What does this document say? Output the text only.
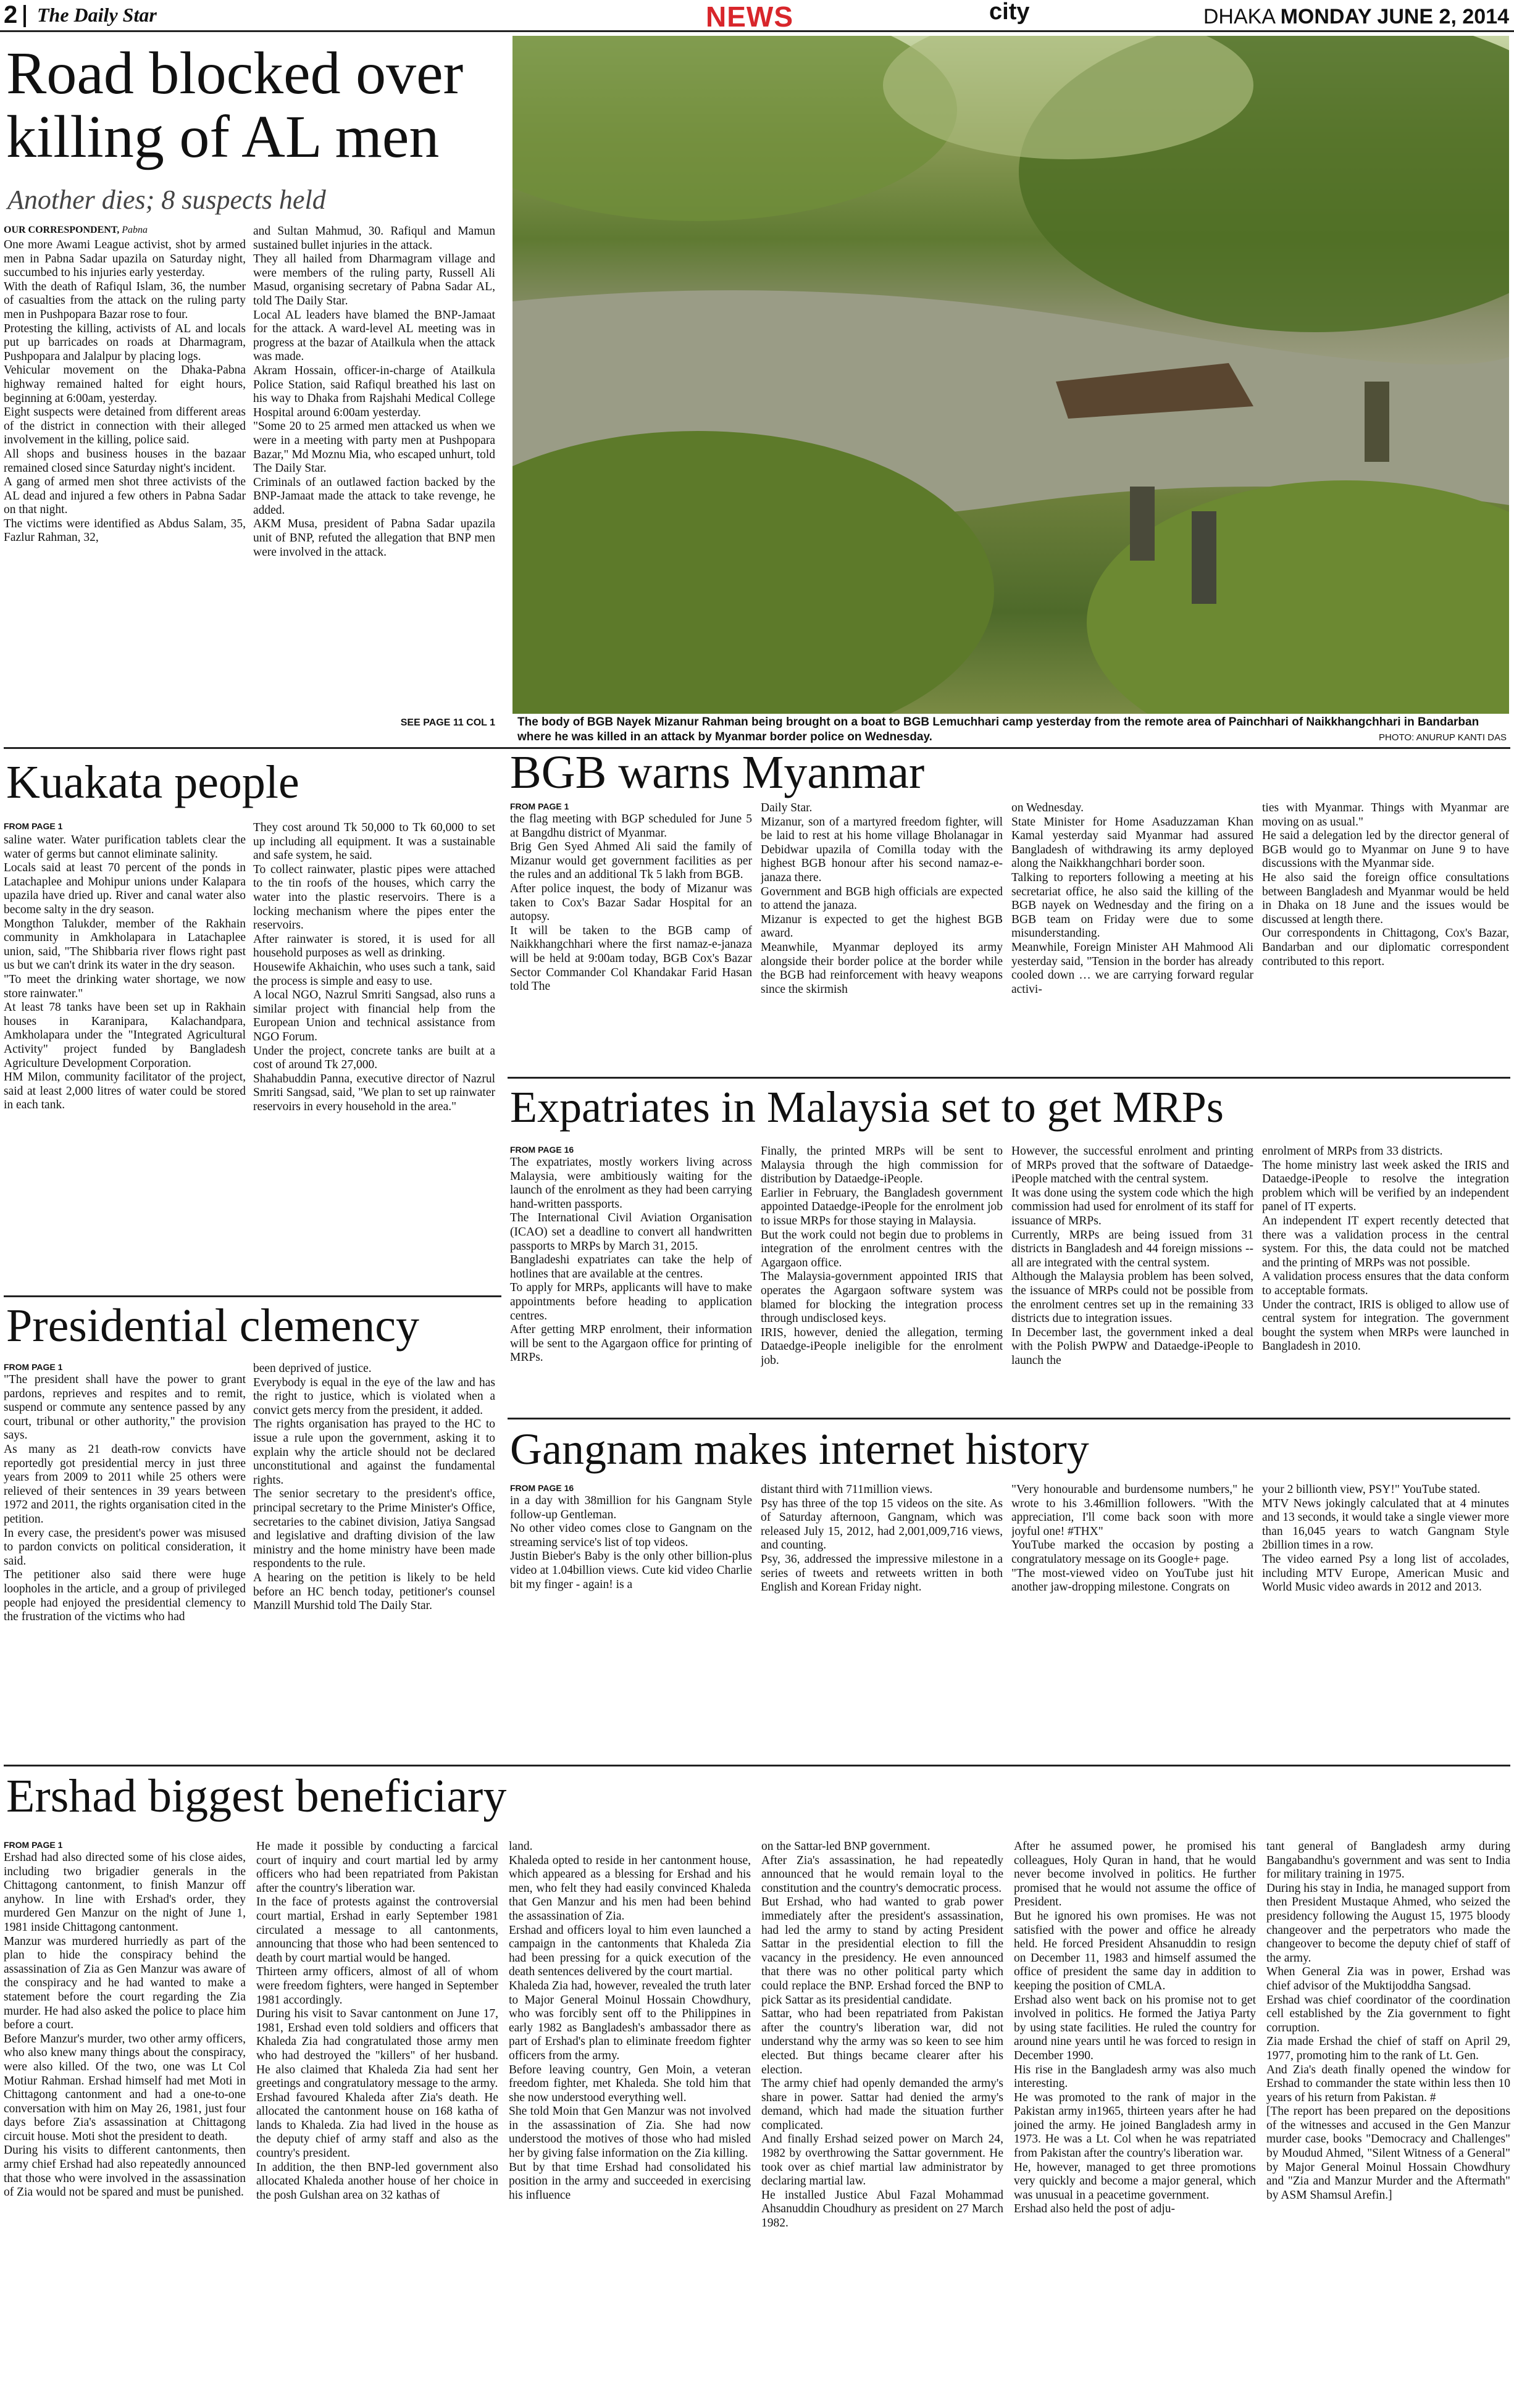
2 The Daily Star	NEWS	city	DHAKA MONDAY JUNE 2, 2014
Road blocked over killing of AL men
Another dies; 8 suspects held
OUR CORRESPONDENT, Pabna
One more Awami League activist, shot by armed men in Pabna Sadar upazila on Saturday night, succumbed to his injuries early yesterday.
With the death of Rafiqul Islam, 36, the number of casualties from the attack on the ruling party men in Pushpopara Bazar rose to four.
Protesting the killing, activists of AL and locals put up barricades on roads at Dharmagram, Pushpopara and Jalalpur by placing logs.
Vehicular movement on the Dhaka-Pabna highway remained halted for eight hours, beginning at 6:00am, yesterday.
Eight suspects were detained from different areas of the district in connection with their alleged involvement in the killing, police said.
All shops and business houses in the bazaar remained closed since Saturday night's incident.
A gang of armed men shot three activists of the AL dead and injured a few others in Pabna Sadar on that night.
The victims were identified as Abdus Salam, 35, Fazlur Rahman, 32,
and Sultan Mahmud, 30. Rafiqul and Mamun sustained bullet injuries in the attack.
They all hailed from Dharmagram village and were members of the ruling party, Russell Ali Masud, organising secretary of Pabna Sadar AL, told The Daily Star.
Local AL leaders have blamed the BNP-Jamaat for the attack. A ward-level AL meeting was in progress at the bazar of Atailkula when the attack was made.
Akram Hossain, officer-in-charge of Atailkula Police Station, said Rafiqul breathed his last on his way to Dhaka from Rajshahi Medical College Hospital around 6:00am yesterday.
"Some 20 to 25 armed men attacked us when we were in a meeting with party men at Pushpopara Bazar," Md Moznu Mia, who escaped unhurt, told The Daily Star.
Criminals of an outlawed faction backed by the BNP-Jamaat made the attack to take revenge, he added.
AKM Musa, president of Pabna Sadar upazila unit of BNP, refuted the allegation that BNP men were involved in the attack.
SEE PAGE 11 COL 1 The body of BGB Nayek Mizanur Rahman being brought on a boat to BGB Lemuchhari camp yesterday from the remote area of Painchhari of Naikkhangchhari in Bandarban where he was killed in an attack by Myanmar border police on Wednesday.	PHOTO: ANURUP KANTI DAS
Kuakata people
FROM PAGE 1
saline water. Water purification tablets clear the water of germs but cannot eliminate salinity.
Locals said at least 70 percent of the ponds in Latachaplee and Mohipur unions under Kalapara upazila have dried up. River and canal water also become salty in the dry season.
Mongthon Talukder, member of the Rakhain community in Amkholapara in Latachaplee union, said, "The Shibbaria river flows right past us but we can't drink its water in the dry season.
"To meet the drinking water shortage, we now store rainwater."
At least 78 tanks have been set up in Rakhain houses in Karanipara, Kalachandpara, Amkholapara under the "Integrated Agricultural Activity" project funded by Bangladesh Agriculture Development Corporation.
HM Milon, community facilitator of the project, said at least 2,000 litres of water could be stored in each tank.
They cost around Tk 50,000 to Tk 60,000 to set up including all equipment. It was a sustainable and safe system, he said.
To collect rainwater, plastic pipes were attached to the tin roofs of the houses, which carry the water into the plastic reservoirs. There is a locking mechanism where the pipes enter the reservoirs.
After rainwater is stored, it is used for all household purposes as well as drinking.
Housewife Akhaichin, who uses such a tank, said the process is simple and easy to use.
A local NGO, Nazrul Smriti Sangsad, also runs a similar project with financial help from the European Union and technical assistance from NGO Forum.
Under the project, concrete tanks are built at a cost of around Tk 27,000.
Shahabuddin Panna, executive director of Nazrul Smriti Sangsad, said, "We plan to set up rainwater reservoirs in every household in the area."
BGB warns Myanmar
FROM PAGE 1
the flag meeting with BGP scheduled for June 5 at Bangdhu district of Myanmar.
Brig Gen Syed Ahmed Ali said the family of Mizanur would get government facilities as per the rules and an additional Tk 5 lakh from BGB.
After police inquest, the body of Mizanur was taken to Cox's Bazar Sadar Hospital for an autopsy.
It will be taken to the BGB camp of Naikkhangchhari where the first namaz-e-janaza will be held at 9:00am today, BGB Cox's Bazar Sector Commander Col Khandakar Farid Hasan told The
Daily Star.
Mizanur, son of a martyred freedom fighter, will be laid to rest at his home village Bholanagar in Debidwar upazila of Comilla today with the highest BGB honour after his second namaz-e-janaza there.
Government and BGB high officials are expected to attend the janaza.
Mizanur is expected to get the highest BGB award.
Meanwhile, Myanmar deployed its army alongside their border police at the border while the BGB had reinforcement with heavy weapons since the skirmish
on Wednesday.
State Minister for Home Asaduzzaman Khan Kamal yesterday said Myanmar had assured Bangladesh of withdrawing its army deployed along the Naikkhangchhari border soon.
Talking to reporters following a meeting at his secretariat office, he also said the killing of the BGB nayek on Wednesday and the firing on a BGB team on Friday were due to some misunderstanding.
Meanwhile, Foreign Minister AH Mahmood Ali yesterday said, "Tension in the border has already cooled down … we are carrying forward regular activi-
ties with Myanmar. Things with Myanmar are moving on as usual."
He said a delegation led by the director general of BGB would go to Myanmar on June 9 to have discussions with the Myanmar side.
He also said the foreign office consultations between Bangladesh and Myanmar would be held in Dhaka on 18 June and the issues would be discussed at length there.
Our correspondents in Chittagong, Cox's Bazar, Bandarban and our diplomatic correspondent contributed to this report.
Expatriates in Malaysia set to get MRPs
FROM PAGE 16
The expatriates, mostly workers living across Malaysia, were ambitiously waiting for the launch of the enrolment as they had been carrying hand-written passports.
The International Civil Aviation Organisation (ICAO) set a deadline to convert all handwritten passports to MRPs by March 31, 2015.
Bangladeshi expatriates can take the help of hotlines that are available at the centres.
To apply for MRPs, applicants will have to make appointments before heading to application centres.
After getting MRP enrolment, their information will be sent to the Agargaon office for printing of MRPs.
Finally, the printed MRPs will be sent to Malaysia through the high commission for distribution by Dataedge-iPeople.
Earlier in February, the Bangladesh government appointed Dataedge-iPeople for the enrolment job to issue MRPs for those staying in Malaysia.
But the work could not begin due to problems in integration of the enrolment centres with the Agargaon office.
The Malaysia-government appointed IRIS that operates the Agargaon software system was blamed for blocking the integration process through undisclosed keys.
IRIS, however, denied the allegation, terming Dataedge-iPeople ineligible for the enrolment job.
However, the successful enrolment and printing of MRPs proved that the software of Dataedge-iPeople matched with the central system.
It was done using the system code which the high commission had used for enrolment of its staff for issuance of MRPs.
Currently, MRPs are being issued from 31 districts in Bangladesh and 44 foreign missions -- all are integrated with the central system.
Although the Malaysia problem has been solved, the issuance of MRPs could not be possible from the enrolment centres set up in the remaining 33 districts due to integration issues.
In December last, the government inked a deal with the Polish PWPW and Dataedge-iPeople to launch the
enrolment of MRPs from 33 districts.
The home ministry last week asked the IRIS and Dataedge-iPeople to resolve the integration problem which will be verified by an independent panel of IT experts.
An independent IT expert recently detected that there was a validation process in the central system. For this, the data could not be matched and the printing of MRPs was not possible.
A validation process ensures that the data conform to acceptable formats.
Under the contract, IRIS is obliged to allow use of central system for integration. The government bought the system when MRPs were launched in Bangladesh in 2010.
Presidential clemency
FROM PAGE 1
"The president shall have the power to grant pardons, reprieves and respites and to remit, suspend or commute any sentence passed by any court, tribunal or other authority," the provision says.
As many as 21 death-row convicts have reportedly got presidential mercy in just three years from 2009 to 2011 while 25 others were relieved of their sentences in 39 years between 1972 and 2011, the rights organisation cited in the petition.
In every case, the president's power was misused to pardon convicts on political consideration, it said.
The petitioner also said there were huge loopholes in the article, and a group of privileged people had enjoyed the presidential clemency to the frustration of the victims who had
been deprived of justice.
Everybody is equal in the eye of the law and has the right to justice, which is violated when a convict gets mercy from the president, it added.
The rights organisation has prayed to the HC to issue a rule upon the government, asking it to explain why the article should not be declared unconstitutional and against the fundamental rights.
The senior secretary to the president's office, principal secretary to the Prime Minister's Office, secretaries to the cabinet division, Jatiya Sangsad and legislative and drafting division of the law ministry and the home ministry have been made respondents to the rule.
A hearing on the petition is likely to be held before an HC bench today, petitioner's counsel Manzill Murshid told The Daily Star.
Gangnam makes internet history
FROM PAGE 16
in a day with 38million for his Gangnam Style follow-up Gentleman.
No other video comes close to Gangnam on the streaming service's list of top videos.
Justin Bieber's Baby is the only other billion-plus video at 1.04billion views. Cute kid video Charlie bit my finger - again! is a
distant third with 711million views.
Psy has three of the top 15 videos on the site. As of Saturday afternoon, Gangnam, which was released July 15, 2012, had 2,001,009,716 views, and counting.
Psy, 36, addressed the impressive milestone in a series of tweets and retweets written in both English and Korean Friday night.
"Very honourable and burdensome numbers," he wrote to his 3.46million followers. "With the appreciation, I'll come back soon with more joyful one! #THX"
YouTube marked the occasion by posting a congratulatory message on its Google+ page.
"The most-viewed video on YouTube just hit another jaw-dropping milestone. Congrats on
your 2 billionth view, PSY!" YouTube stated.
MTV News jokingly calculated that at 4 minutes and 13 seconds, it would take a single viewer more than 16,045 years to watch Gangnam Style 2billion times in a row.
The video earned Psy a long list of accolades, including MTV Europe, American Music and World Music video awards in 2012 and 2013.
Ershad biggest beneficiary
FROM PAGE 1
Ershad had also directed some of his close aides, including two brigadier generals in the Chittagong cantonment, to finish Manzur off anyhow. In line with Ershad's order, they murdered Gen Manzur on the night of June 1, 1981 inside Chittagong cantonment.
Manzur was murdered hurriedly as part of the plan to hide the conspiracy behind the assassination of Zia as Gen Manzur was aware of the conspiracy and he had wanted to make a statement before the court regarding the Zia murder. He had also asked the police to place him before a court.
Before Manzur's murder, two other army officers, who also knew many things about the conspiracy, were also killed. Of the two, one was Lt Col Motiur Rahman. Ershad himself had met Moti in Chittagong cantonment and had a one-to-one conversation with him on May 26, 1981, just four days before Zia's assassination at Chittagong circuit house. Moti shot the president to death.
During his visits to different cantonments, then army chief Ershad had also repeatedly announced that those who were involved in the assassination of Zia would not be spared and must be punished.
He made it possible by conducting a farcical court of inquiry and court martial led by army officers who had been repatriated from Pakistan after the country's liberation war.
In the face of protests against the controversial court martial, Ershad in early September 1981 circulated a message to all cantonments, announcing that those who had been sentenced to death by court martial would be hanged.
Thirteen army officers, almost of all of whom were freedom fighters, were hanged in September 1981 accordingly.
During his visit to Savar cantonment on June 17, 1981, Ershad even told soldiers and officers that Khaleda Zia had congratulated those army men who had destroyed the "killers" of her husband. He also claimed that Khaleda Zia had sent her greetings and congratulatory message to the army.
Ershad favoured Khaleda after Zia's death. He allocated the cantonment house on 168 katha of lands to Khaleda. Zia had lived in the house as the deputy chief of army staff and also as the country's president.
In addition, the then BNP-led government also allocated Khaleda another house of her choice in the posh Gulshan area on 32 kathas of
land.
Khaleda opted to reside in her cantonment house, which appeared as a blessing for Ershad and his men, who felt they had easily convinced Khaleda that Gen Manzur and his men had been behind the assassination of Zia.
Ershad and officers loyal to him even launched a campaign in the cantonments that Khaleda Zia had been pressing for a quick execution of the death sentences delivered by the court martial.
Khaleda Zia had, however, revealed the truth later to Major General Moinul Hossain Chowdhury, who was forcibly sent off to the Philippines in early 1982 as Bangladesh's ambassador there as part of Ershad's plan to eliminate freedom fighter officers from the army.
Before leaving country, Gen Moin, a veteran freedom fighter, met Khaleda. She told him that she now understood everything well.
She told Moin that Gen Manzur was not involved in the assassination of Zia. She had now understood the motives of those who had misled her by giving false information on the Zia killing.
But by that time Ershad had consolidated his position in the army and succeeded in exercising his influence
on the Sattar-led BNP government.
After Zia's assassination, he had repeatedly announced that he would remain loyal to the constitution and the country's democratic process.
But Ershad, who had wanted to grab power immediately after the president's assassination, had led the army to stand by acting President Sattar in the presidential election to fill the vacancy in the presidency. He even announced that there was no other political party which could replace the BNP. Ershad forced the BNP to pick Sattar as its presidential candidate.
Sattar, who had been repatriated from Pakistan after the country's liberation war, did not understand why the army was so keen to see him elected. But things became clearer after his election.
The army chief had openly demanded the army's share in power. Sattar had denied the army's demand, which had made the situation further complicated.
And finally Ershad seized power on March 24, 1982 by overthrowing the Sattar government. He took over as chief martial law administrator by declaring martial law.
He installed Justice Abul Fazal Mohammad Ahsanuddin Choudhury as president on 27 March 1982.
After he assumed power, he promised his colleagues, Holy Quran in hand, that he would never become involved in politics. He further promised that he would not assume the office of President.
But he ignored his own promises. He was not satisfied with the power and office he already held. He forced President Ahsanuddin to resign on December 11, 1983 and himself assumed the office of president the same day in addition to keeping the position of CMLA.
Ershad also went back on his promise not to get involved in politics. He formed the Jatiya Party by using state facilities. He ruled the country for around nine years until he was forced to resign in December 1990.
His rise in the Bangladesh army was also much interesting.
He was promoted to the rank of major in the Pakistan army in1965, thirteen years after he had joined the army. He joined Bangladesh army in 1973. He was a Lt. Col when he was repatriated from Pakistan after the country's liberation war.
He, however, managed to get three promotions very quickly and become a major general, which was unusual in a peacetime government.
Ershad also held the post of adju-
tant general of Bangladesh army during Bangabandhu's government and was sent to India for military training in 1975.
During his stay in India, he managed support from then President Mustaque Ahmed, who seized the presidency following the August 15, 1975 bloody changeover and the perpetrators who made the changeover to become the deputy chief of staff of the army.
When General Zia was in power, Ershad was chief advisor of the Muktijoddha Sangsad.
Ershad was chief coordinator of the coordination cell established by the Zia government to fight corruption.
Zia made Ershad the chief of staff on April 29, 1977, promoting him to the rank of Lt. Gen.
And Zia's death finally opened the window for Ershad to commander the state within less then 10 years of his return from Pakistan. #
[The report has been prepared on the depositions of the witnesses and accused in the Gen Manzur murder case, books "Democracy and Challenges" by Moudud Ahmed, "Silent Witness of a General" by Major General Moinul Hossain Chowdhury and "Zia and Manzur Murder and the Aftermath" by ASM Shamsul Arefin.]
